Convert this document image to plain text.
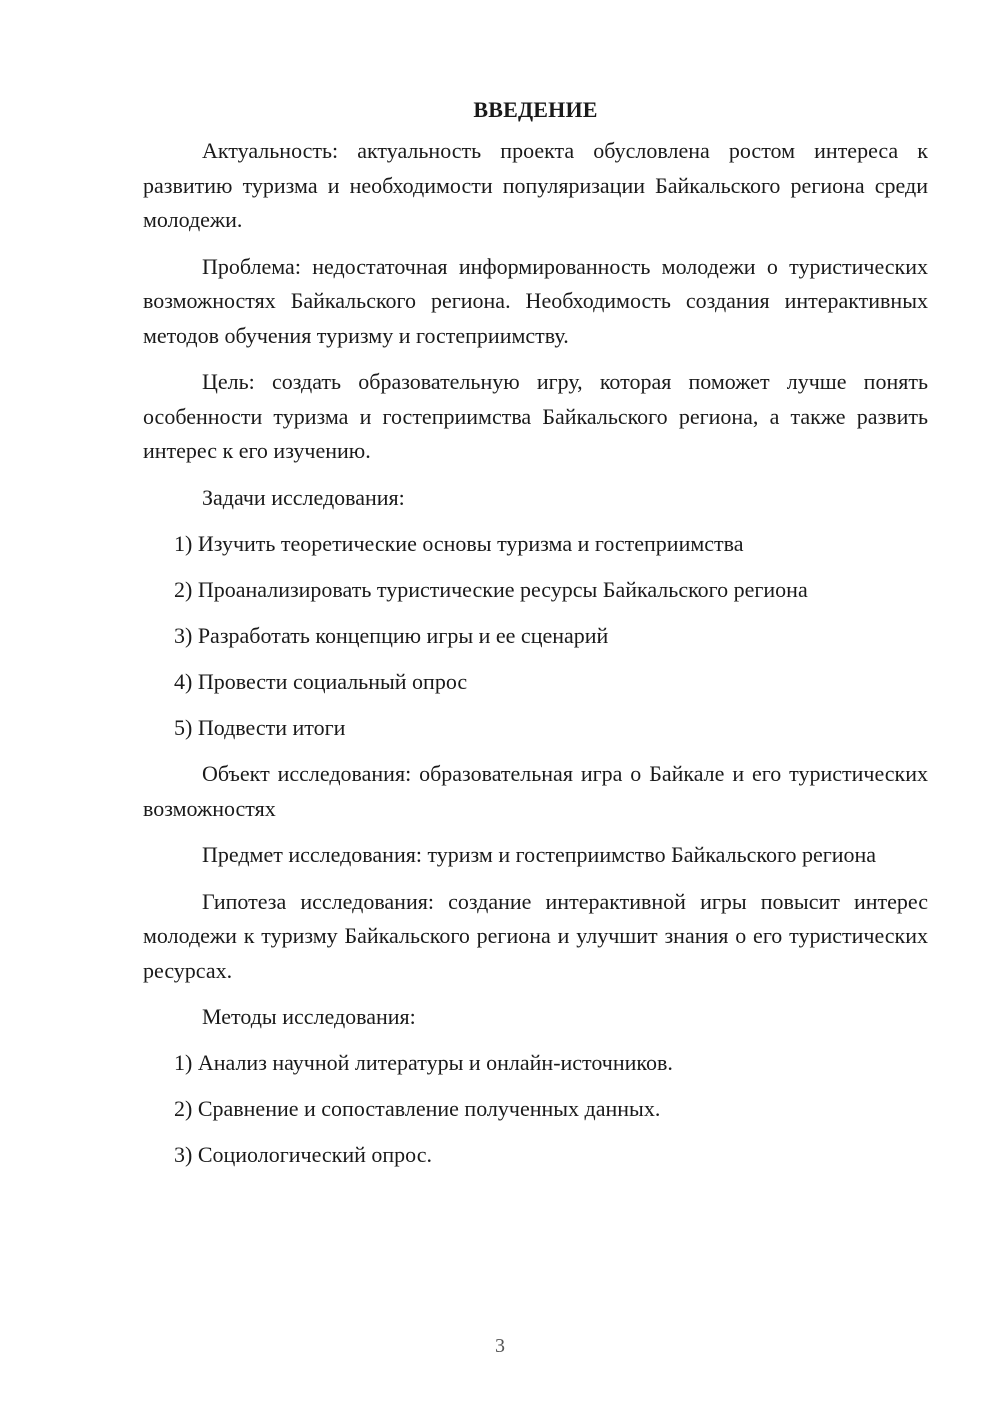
ВВЕДЕНИЕ

Актуальность: актуальность проекта обусловлена ростом интереса к развитию туризма и необходимости популяризации Байкальского региона среди молодежи.

Проблема: недостаточная информированность молодежи о туристических возможностях Байкальского региона. Необходимость создания интерактивных методов обучения туризму и гостеприимству.

Цель: создать образовательную игру, которая поможет лучше понять особенности туризма и гостеприимства Байкальского региона, а также развить интерес к его изучению.

Задачи исследования:

1) Изучить теоретические основы туризма и гостеприимства

2) Проанализировать туристические ресурсы Байкальского региона

3) Разработать концепцию игры и ее сценарий

4) Провести социальный опрос

5) Подвести итоги

Объект исследования: образовательная игра о Байкале и его туристических возможностях

Предмет исследования: туризм и гостеприимство Байкальского региона

Гипотеза исследования: создание интерактивной игры повысит интерес молодежи к туризму Байкальского региона и улучшит знания о его туристических ресурсах.

Методы исследования:

1) Анализ научной литературы и онлайн-источников.

2) Сравнение и сопоставление полученных данных.

3) Социологический опрос.

3
